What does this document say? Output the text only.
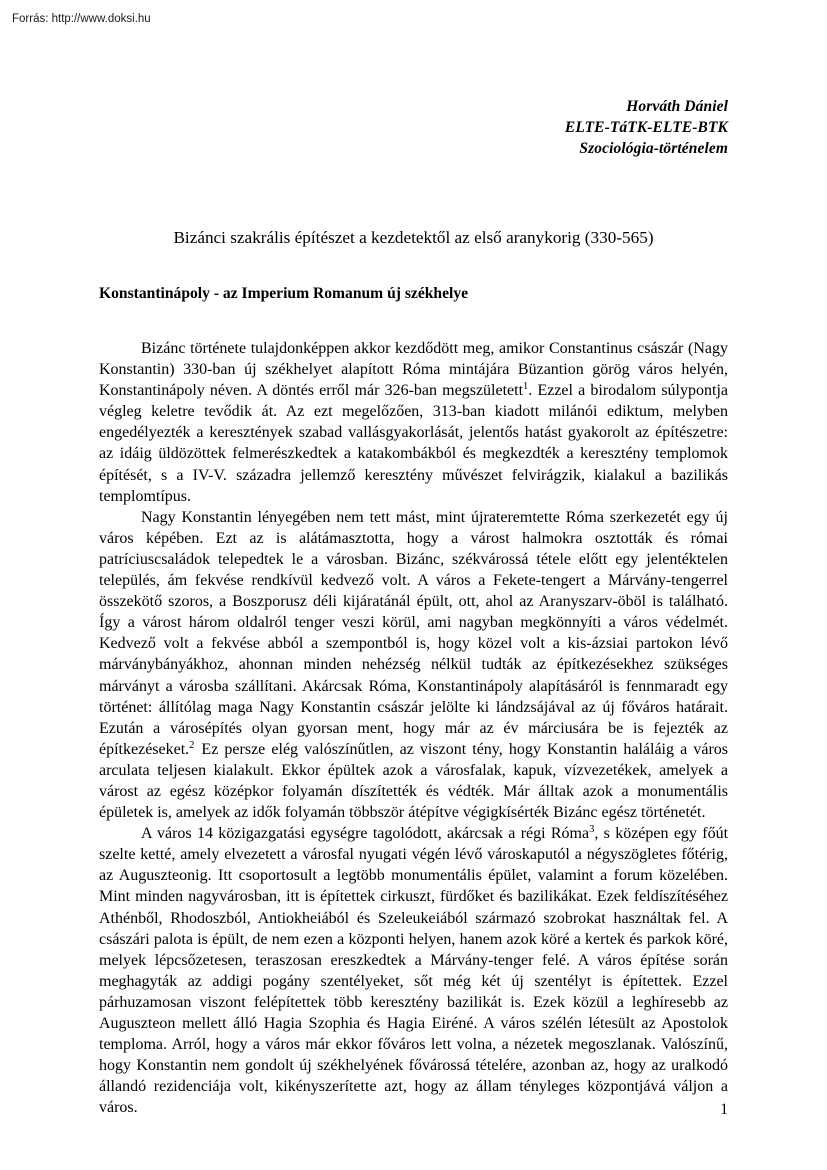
Forrás: http://www.doksi.hu
Horváth Dániel
ELTE-TáTK-ELTE-BTK
Szociológia-történelem
Bizánci szakrális építészet a kezdetektől az első aranykorig (330-565)
Konstantinápoly - az Imperium Romanum új székhelye

Bizánc története tulajdonképpen akkor kezdődött meg, amikor Constantinus császár (Nagy Konstantin) 330-ban új székhelyet alapított Róma mintájára Büzantion görög város helyén, Konstantinápoly néven. A döntés erről már 326-ban megszületett$^1$. Ezzel a birodalom súlypontja végleg keletre tevődik át. Az ezt megelőzően, 313-ban kiadott milánói ediktum, melyben engedélyezték a keresztények szabad vallásgyakorlását, jelentős hatást gyakorolt az építészetre: az idáig üldözöttek felmerészkedtek a katakombákból és megkezdték a keresztény templomok építését, s a IV-V. századra jellemző keresztény művészet felvirágzik, kialakul a bazilikás templomtípus.

Nagy Konstantin lényegében nem tett mást, mint újrateremtette Róma szerkezetét egy új város képében. Ezt az is alátámasztotta, hogy a várost halmokra osztották és római patríciuscsaládok telepedtek le a városban. Bizánc, székvárossá tétele előtt egy jelentéktelen település, ám fekvése rendkívül kedvező volt. A város a Fekete-tengert a Márvány-tengerrel összekötő szoros, a Boszporusz déli kijáratánál épült, ott, ahol az Aranyszarv-öböl is található. Így a várost három oldalról tenger veszi körül, ami nagyban megkönnyíti a város védelmét. Kedvező volt a fekvése abból a szempontból is, hogy közel volt a kis-ázsiai partokon lévő márványbányákhoz, ahonnan minden nehézség nélkül tudták az építkezésekhez szükséges márványt a városba szállítani. Akárcsak Róma, Konstantinápoly alapításáról is fennmaradt egy történet: állítólag maga Nagy Konstantin császár jelölte ki lándzsájával az új főváros határait. Ezután a városépítés olyan gyorsan ment, hogy már az év márciusára be is fejezték az építkezéseket.$^2$ Ez persze elég valószínűtlen, az viszont tény, hogy Konstantin haláláig a város arculata teljesen kialakult. Ekkor épültek azok a városfalak, kapuk, vízvezetékek, amelyek a várost az egész középkor folyamán díszítették és védték. Már álltak azok a monumentális épületek is, amelyek az idők folyamán többször átépítve végigkísérték Bizánc egész történetét.

A város 14 közigazgatási egységre tagolódott, akárcsak a régi Róma$^3$, s középen egy főút szelte ketté, amely elvezetett a városfal nyugati végén lévő városkaputól a négyszögletes főtérig, az Auguszteonig. Itt csoportosult a legtöbb monumentális épület, valamint a forum közelében. Mint minden nagyvárosban, itt is építettek cirkuszt, fürdőket és bazilikákat. Ezek feldíszítéséhez Athénből, Rhodoszból, Antiokheiából és Szeleukeiából származó szobrokat használtak fel. A császári palota is épült, de nem ezen a központi helyen, hanem azok köré a kertek és parkok köré, melyek lépcsőzetesen, teraszosan ereszkedtek a Márvány-tenger felé. A város építése során meghagyták az addigi pogány szentélyeket, sőt még két új szentélyt is építettek. Ezzel párhuzamosan viszont felépítettek több keresztény bazilikát is. Ezek közül a leghíresebb az Auguszteon mellett álló Hagia Szophia és Hagia Eiréné. A város szélén létesült az Apostolok temploma. Arról, hogy a város már ekkor főváros lett volna, a nézetek megoszlanak. Valószínű, hogy Konstantin nem gondolt új székhelyének fővárossá tételére, azonban az, hogy az uralkodó állandó rezidenciája volt, kikényszerítette azt, hogy az állam tényleges központjává váljon a város.	1
